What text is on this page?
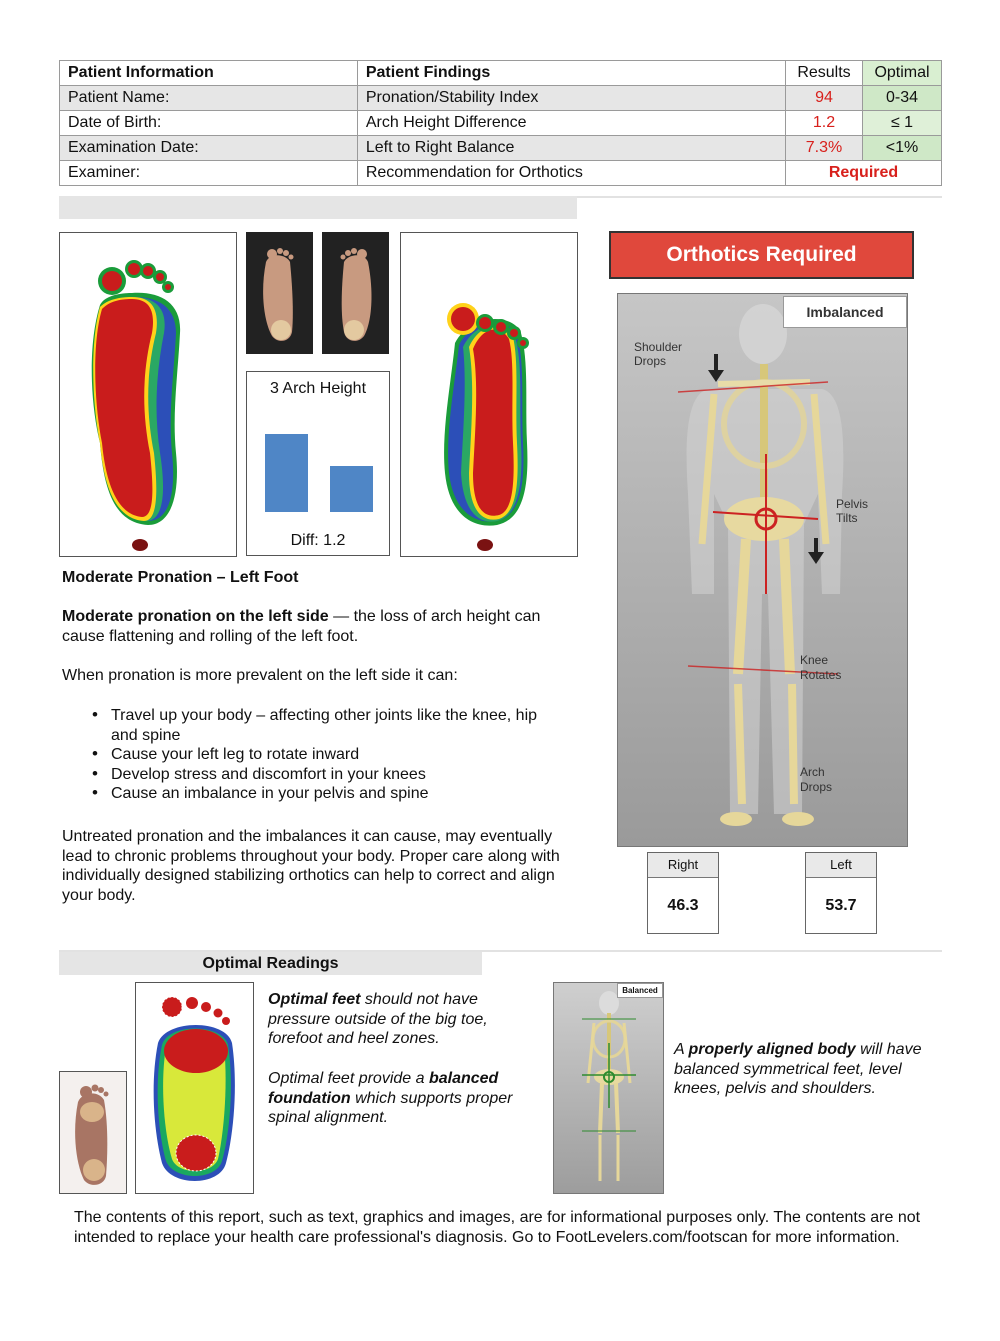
Patient Information	Patient Findings	Results	Optimal
Patient Name:	Pronation/Stability Index	94	0-34
Date of Birth:	Arch Height Difference	1.2	≤ 1
Examination Date:	Left to Right Balance	7.3%	<1%
Examiner:	Recommendation for Orthotics	Required	
3 Arch Height
Diff: 1.2
Orthotics Required
Shoulder
Drops
Pelvis
Tilts
Knee
Rotates
Arch
Drops
Imbalanced
Right
46.3
Left
53.7
Moderate Pronation – Left Foot
Moderate pronation on the left side — the loss of arch height can cause flattening and rolling of the left foot.
When pronation is more prevalent on the left side it can:
• Travel up your body – affecting other joints like the knee, hip and spine
• Cause your left leg to rotate inward
• Develop stress and discomfort in your knees
• Cause an imbalance in your pelvis and spine
Untreated pronation and the imbalances it can cause, may eventually lead to chronic problems throughout your body. Proper care along with individually designed stabilizing orthotics can help to correct and align your body.
Optimal Readings
Optimal feet should not have pressure outside of the big toe, forefoot and heel zones.
Optimal feet provide a balanced foundation which supports proper spinal alignment.
Balanced
A properly aligned body will have balanced symmetrical feet, level knees, pelvis and shoulders.
The contents of this report, such as text, graphics and images, are for informational purposes only. The contents are not intended to replace your health care professional's diagnosis. Go to FootLevelers.com/footscan for more information.
